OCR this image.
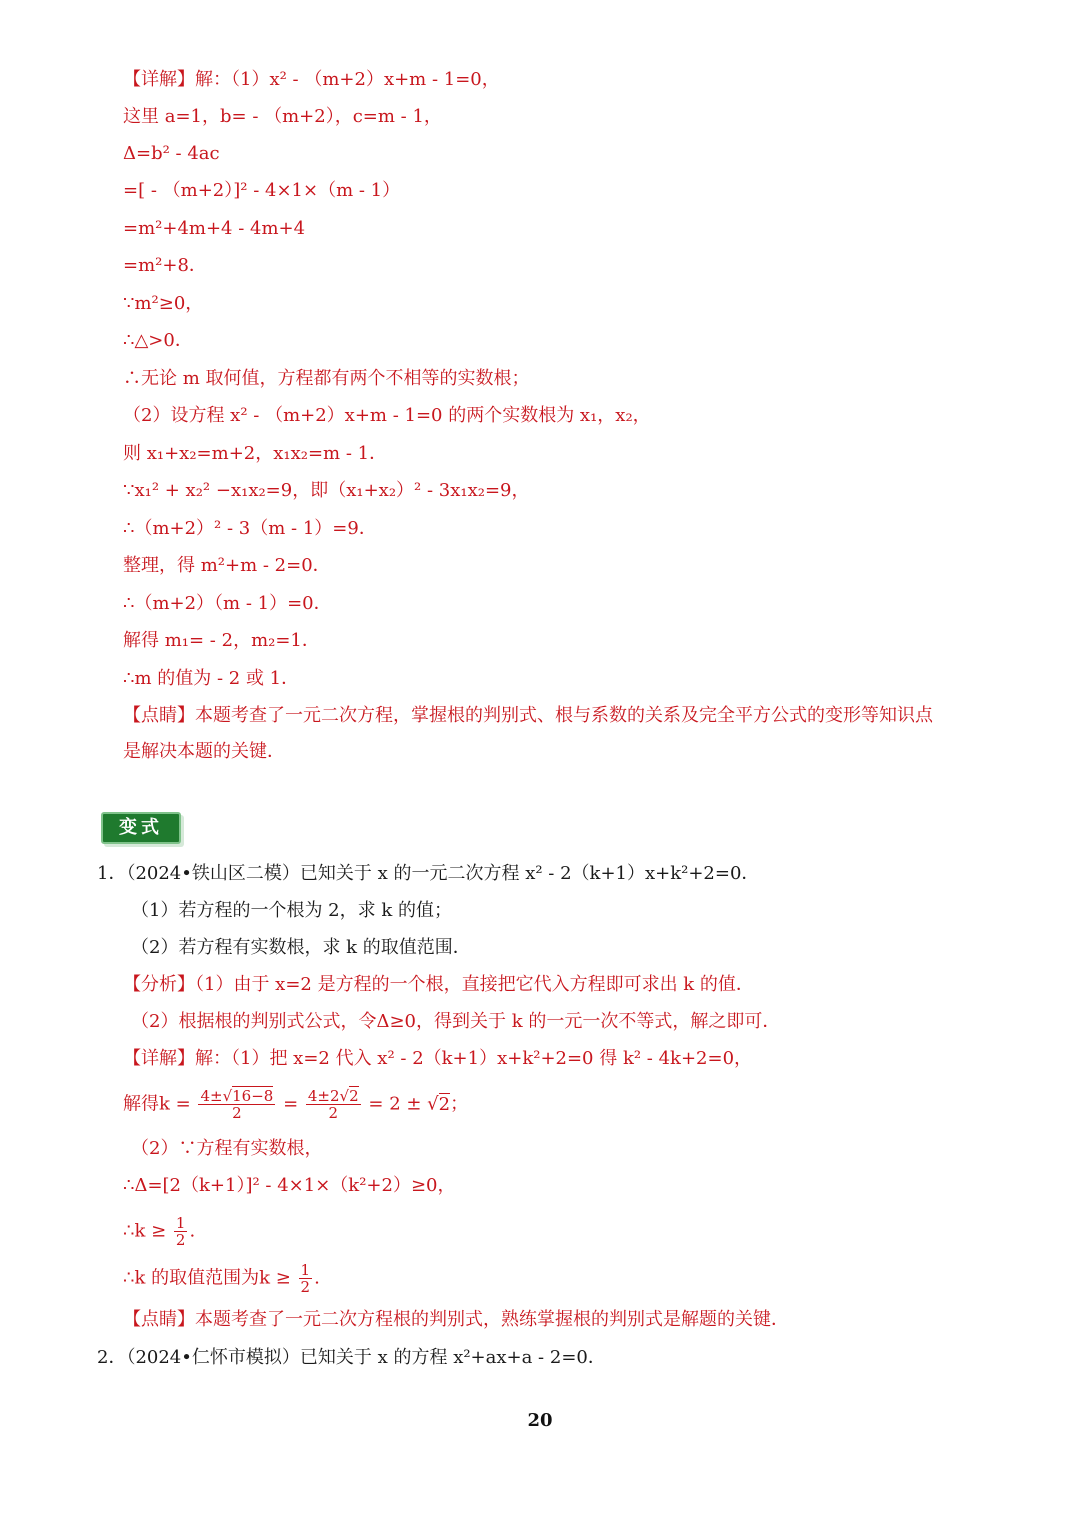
【详解】解：（1）x² - （m+2）x+m - 1=0，
这里 a=1，b= - （m+2），c=m - 1，
Δ=b² - 4ac
=[ - （m+2）]² - 4×1×（m - 1）
=m²+4m+4 - 4m+4
=m²+8．
∵m²≥0，
∴△>0．
∴无论 m 取何值，方程都有两个不相等的实数根；
（2）设方程 x² - （m+2）x+m - 1=0 的两个实数根为 x₁，x₂，
则 x₁+x₂=m+2，x₁x₂=m - 1．
∵x₁² + x₂² −x₁x₂=9，即（x₁+x₂）² - 3x₁x₂=9，
∴（m+2）² - 3（m - 1）=9．
整理，得 m²+m - 2=0．
∴（m+2）（m - 1）=0．
解得 m₁= - 2，m₂=1．
∴m 的值为 - 2 或 1．
【点睛】本题考查了一元二次方程，掌握根的判别式、根与系数的关系及完全平方公式的变形等知识点
是解决本题的关键．
变式
1．（2024•铁山区二模）已知关于 x 的一元二次方程 x² - 2（k+1）x+k²+2=0．
（1）若方程的一个根为 2，求 k 的值；
（2）若方程有实数根，求 k 的取值范围．
【分析】（1）由于 x=2 是方程的一个根，直接把它代入方程即可求出 k 的值．
（2）根据根的判别式公式，令Δ≥0，得到关于 k 的一元一次不等式，解之即可．
【详解】解：（1）把 x=2 代入 x² - 2（k+1）x+k²+2=0 得 k² - 4k+2=0，
解得$k = \frac{4\pm√16-8}{2} = \frac{4\pm 2√2}{2} = 2 \pm √2$；
（2）∵方程有实数根，
∴Δ=[2（k+1）]² - 4×1×（k²+2）≥0，
∴k ≥ $\frac{1}{2}$ .
∴k 的取值范围为$k \ge \frac{1}{2}$ .
【点睛】本题考查了一元二次方程根的判别式，熟练掌握根的判别式是解题的关键．
2．（2024•仁怀市模拟）已知关于 x 的方程 x²+ax+a - 2=0．
20
